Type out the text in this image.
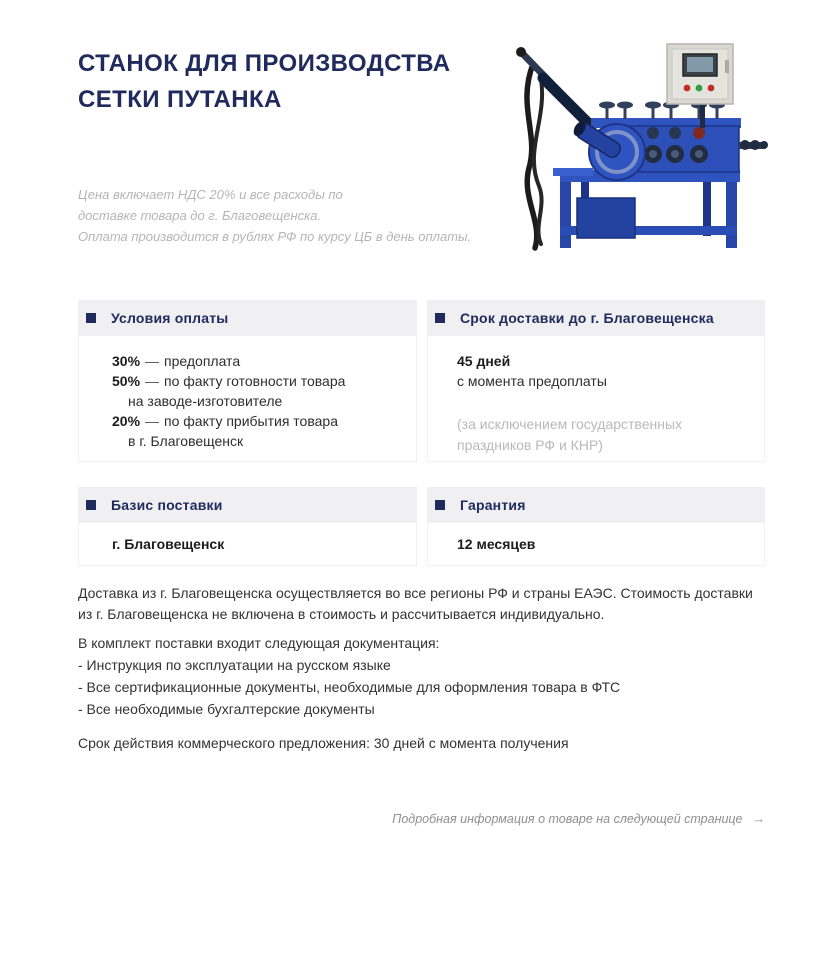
СТАНОК ДЛЯ ПРОИЗВОДСТВА
СЕТКИ ПУТАНКА
Цена включает НДС 20% и все расходы по
доставке товара до г. Благовещенска.
Оплата производится в рублях РФ по курсу ЦБ в день оплаты.
Условия оплаты
30% — предоплата
50% — по факту готовности товара
на заводе-изготовителе
20% — по факту прибытия товара
в г. Благовещенск
Срок доставки до г. Благовещенска
45 дней
с момента предоплаты
(за исключением государственных
праздников РФ и КНР)
Базис поставки
г. Благовещенск
Гарантия
12 месяцев
Доставка из г. Благовещенска осуществляется во все регионы РФ и страны ЕАЭС. Стоимость доставки из г. Благовещенска не включена в стоимость и рассчитывается индивидуально.
В комплект поставки входит следующая документация:
- Инструкция по эксплуатации на русском языке
- Все сертификационные документы, необходимые для оформления товара в ФТС
- Все необходимые бухгалтерские документы
Срок действия коммерческого предложения: 30 дней с момента получения
Подробная информация о товаре на следующей странице →
